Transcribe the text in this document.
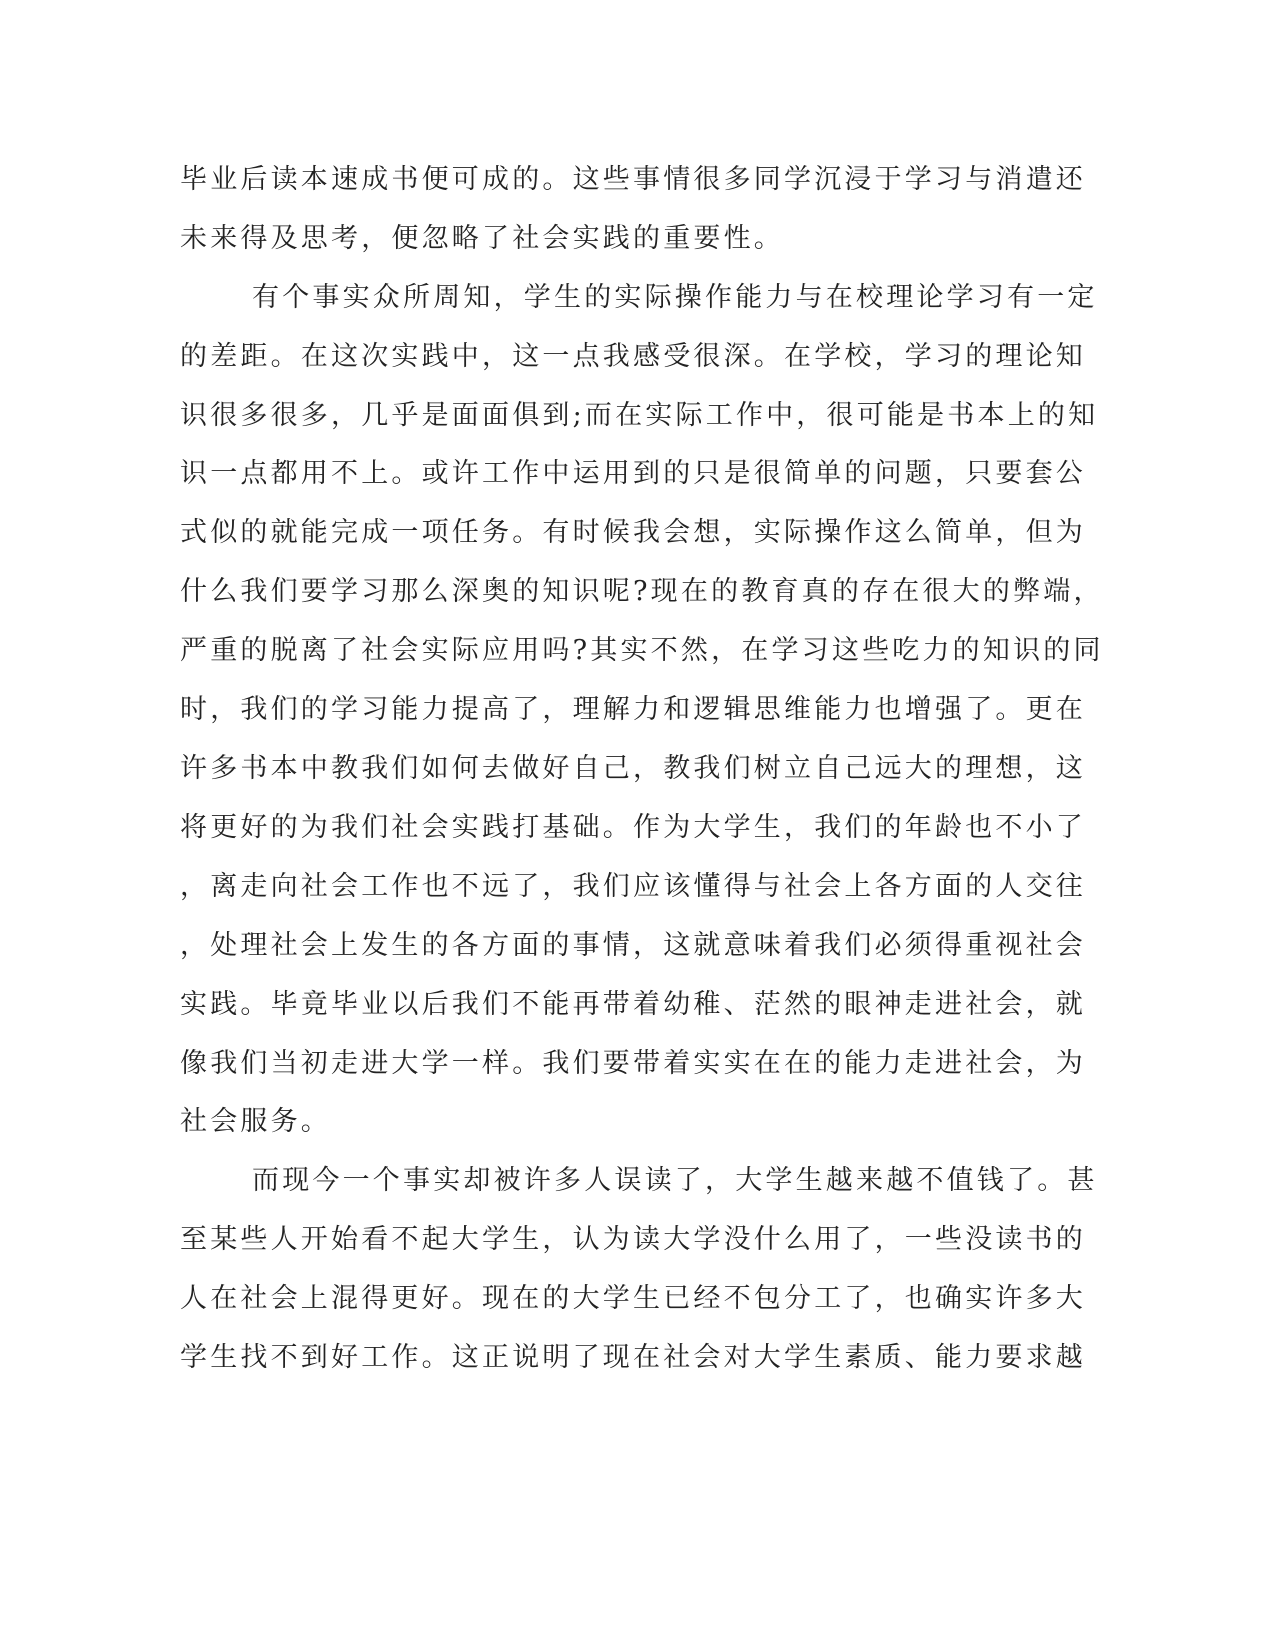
毕业后读本速成书便可成的。这些事情很多同学沉浸于学习与消遣还

未来得及思考，便忽略了社会实践的重要性。

有个事实众所周知，学生的实际操作能力与在校理论学习有一定

的差距。在这次实践中，这一点我感受很深。在学校，学习的理论知

识很多很多，几乎是面面俱到;而在实际工作中，很可能是书本上的知

识一点都用不上。或许工作中运用到的只是很简单的问题，只要套公

式似的就能完成一项任务。有时候我会想，实际操作这么简单，但为

什么我们要学习那么深奥的知识呢?现在的教育真的存在很大的弊端，

严重的脱离了社会实际应用吗?其实不然，在学习这些吃力的知识的同

时，我们的学习能力提高了，理解力和逻辑思维能力也增强了。更在

许多书本中教我们如何去做好自己，教我们树立自己远大的理想，这

将更好的为我们社会实践打基础。作为大学生，我们的年龄也不小了

，离走向社会工作也不远了，我们应该懂得与社会上各方面的人交往

，处理社会上发生的各方面的事情，这就意味着我们必须得重视社会

实践。毕竟毕业以后我们不能再带着幼稚、茫然的眼神走进社会，就

像我们当初走进大学一样。我们要带着实实在在的能力走进社会，为

社会服务。

而现今一个事实却被许多人误读了，大学生越来越不值钱了。甚

至某些人开始看不起大学生，认为读大学没什么用了，一些没读书的

人在社会上混得更好。现在的大学生已经不包分工了，也确实许多大

学生找不到好工作。这正说明了现在社会对大学生素质、能力要求越
